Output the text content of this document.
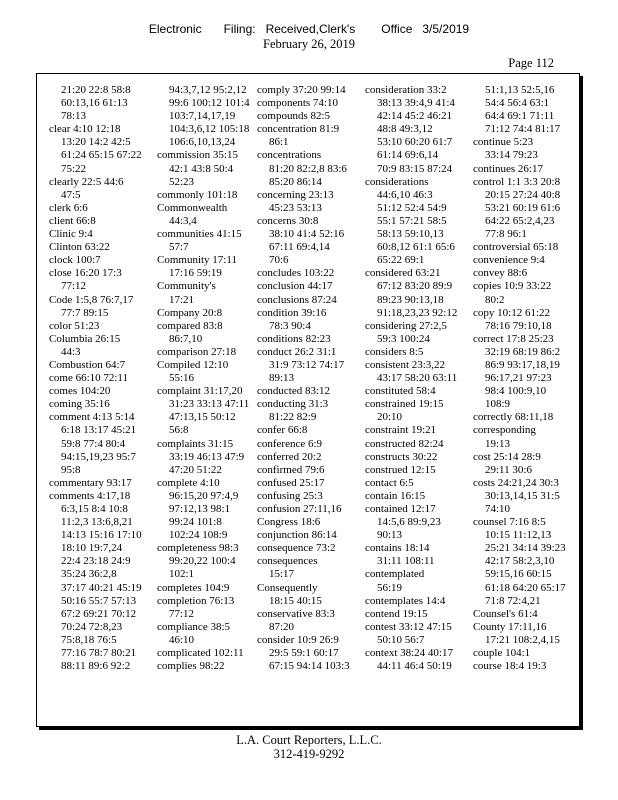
Electronic Filing: Received,Clerk's Office 3/5/2019
February 26, 2019
Page 112
21:20 22:8 58:8
60:13,16 61:13
78:13
clear 4:10 12:18
13:20 14:2 42:5
61:24 65:15 67:22
75:22
clearly 22:5 44:6
47:5
clerk 6:6
client 66:8
Clinic 9:4
Clinton 63:22
clock 100:7
close 16:20 17:3
77:12
Code 1:5,8 76:7,17
77:7 89:15
color 51:23
Columbia 26:15
44:3
Combustion 64:7
come 66:10 72:11
comes 104:20
coming 35:16
comment 4:13 5:14
6:18 13:17 45:21
59:8 77:4 80:4
94:15,19,23 95:7
95:8
commentary 93:17
comments 4:17,18
6:3,15 8:4 10:8
11:2,3 13:6,8,21
14:13 15:16 17:10
18:10 19:7,24
22:4 23:18 24:9
35:24 36:2,8
37:17 40:21 45:19
50:16 55:7 57:13
67:2 69:21 70:12
70:24 72:8,23
75:8,18 76:5
77:16 78:7 80:21
88:11 89:6 92:2
94:3,7,12 95:2,12
99:6 100:12 101:4
103:7,14,17,19
104:3,6,12 105:18
106:6,10,13,24
commission 35:15
42:1 43:8 50:4
52:23
commonly 101:18
Commonwealth
44:3,4
communities 41:15
57:7
Community 17:11
17:16 59:19
Community's
17:21
Company 20:8
compared 83:8
86:7,10
comparison 27:18
Compiled 12:10
55:16
complaint 31:17,20
31:23 33:13 47:11
47:13,15 50:12
56:8
complaints 31:15
33:19 46:13 47:9
47:20 51:22
complete 4:10
96:15,20 97:4,9
97:12,13 98:1
99:24 101:8
102:24 108:9
completeness 98:3
99:20,22 100:4
102:1
completes 104:9
completion 76:13
77:12
compliance 38:5
46:10
complicated 102:11
complies 98:22
comply 37:20 99:14
components 74:10
compounds 82:5
concentration 81:9
86:1
concentrations
81:20 82:2,8 83:6
85:20 86:14
concerning 23:13
45:23 53:13
concerns 30:8
38:10 41:4 52:16
67:11 69:4,14
70:6
concludes 103:22
conclusion 44:17
conclusions 87:24
condition 39:16
78:3 90:4
conditions 82:23
conduct 26:2 31:1
31:9 73:12 74:17
89:13
conducted 83:12
conducting 31:3
81:22 82:9
confer 66:8
conference 6:9
conferred 20:2
confirmed 79:6
confused 25:17
confusing 25:3
confusion 27:11,16
Congress 18:6
conjunction 86:14
consequence 73:2
consequences
15:17
Consequently
18:15 40:15
conservative 83:3
87:20
consider 10:9 26:9
29:5 59:1 60:17
67:15 94:14 103:3
consideration 33:2
38:13 39:4,9 41:4
42:14 45:2 46:21
48:8 49:3,12
53:10 60:20 61:7
61:14 69:6,14
70:9 83:15 87:24
considerations
44:6,10 46:3
51:12 52:4 54:9
55:1 57:21 58:5
58:13 59:10,13
60:8,12 61:1 65:6
65:22 69:1
considered 63:21
67:12 83:20 89:9
89:23 90:13,18
91:18,23,23 92:12
considering 27:2,5
59:3 100:24
considers 8:5
consistent 23:3,22
43:17 58:20 63:11
constituted 58:4
constrained 19:15
20:10
constraint 19:21
constructed 82:24
constructs 30:22
construed 12:15
contact 6:5
contain 16:15
contained 12:17
14:5,6 89:9,23
90:13
contains 18:14
31:11 108:11
contemplated
56:19
contemplates 14:4
contend 19:15
contest 33:12 47:15
50:10 56:7
context 38:24 40:17
44:11 46:4 50:19
51:1,13 52:5,16
54:4 56:4 63:1
64:4 69:1 71:11
71:12 74:4 81:17
continue 5:23
33:14 79:23
continues 26:17
control 1:1 3:3 20:8
20:15 27:24 40:8
53:21 60:19 61:6
64:22 65:2,4,23
77:8 96:1
controversial 65:18
convenience 9:4
convey 88:6
copies 10:9 33:22
80:2
copy 10:12 61:22
78:16 79:10,18
correct 17:8 25:23
32:19 68:19 86:2
86:9 93:17,18,19
96:17,21 97:23
98:4 100:9,10
108:9
correctly 68:11,18
corresponding
19:13
cost 25:14 28:9
29:11 30:6
costs 24:21,24 30:3
30:13,14,15 31:5
74:10
counsel 7:16 8:5
10:15 11:12,13
25:21 34:14 39:23
42:17 58:2,3,10
59:15,16 60:15
61:18 64:20 65:17
71:8 72:4,21
Counsel's 61:4
County 17:11,16
17:21 108:2,4,15
couple 104:1
course 18:4 19:3
L.A. Court Reporters, L.L.C.
312-419-9292
